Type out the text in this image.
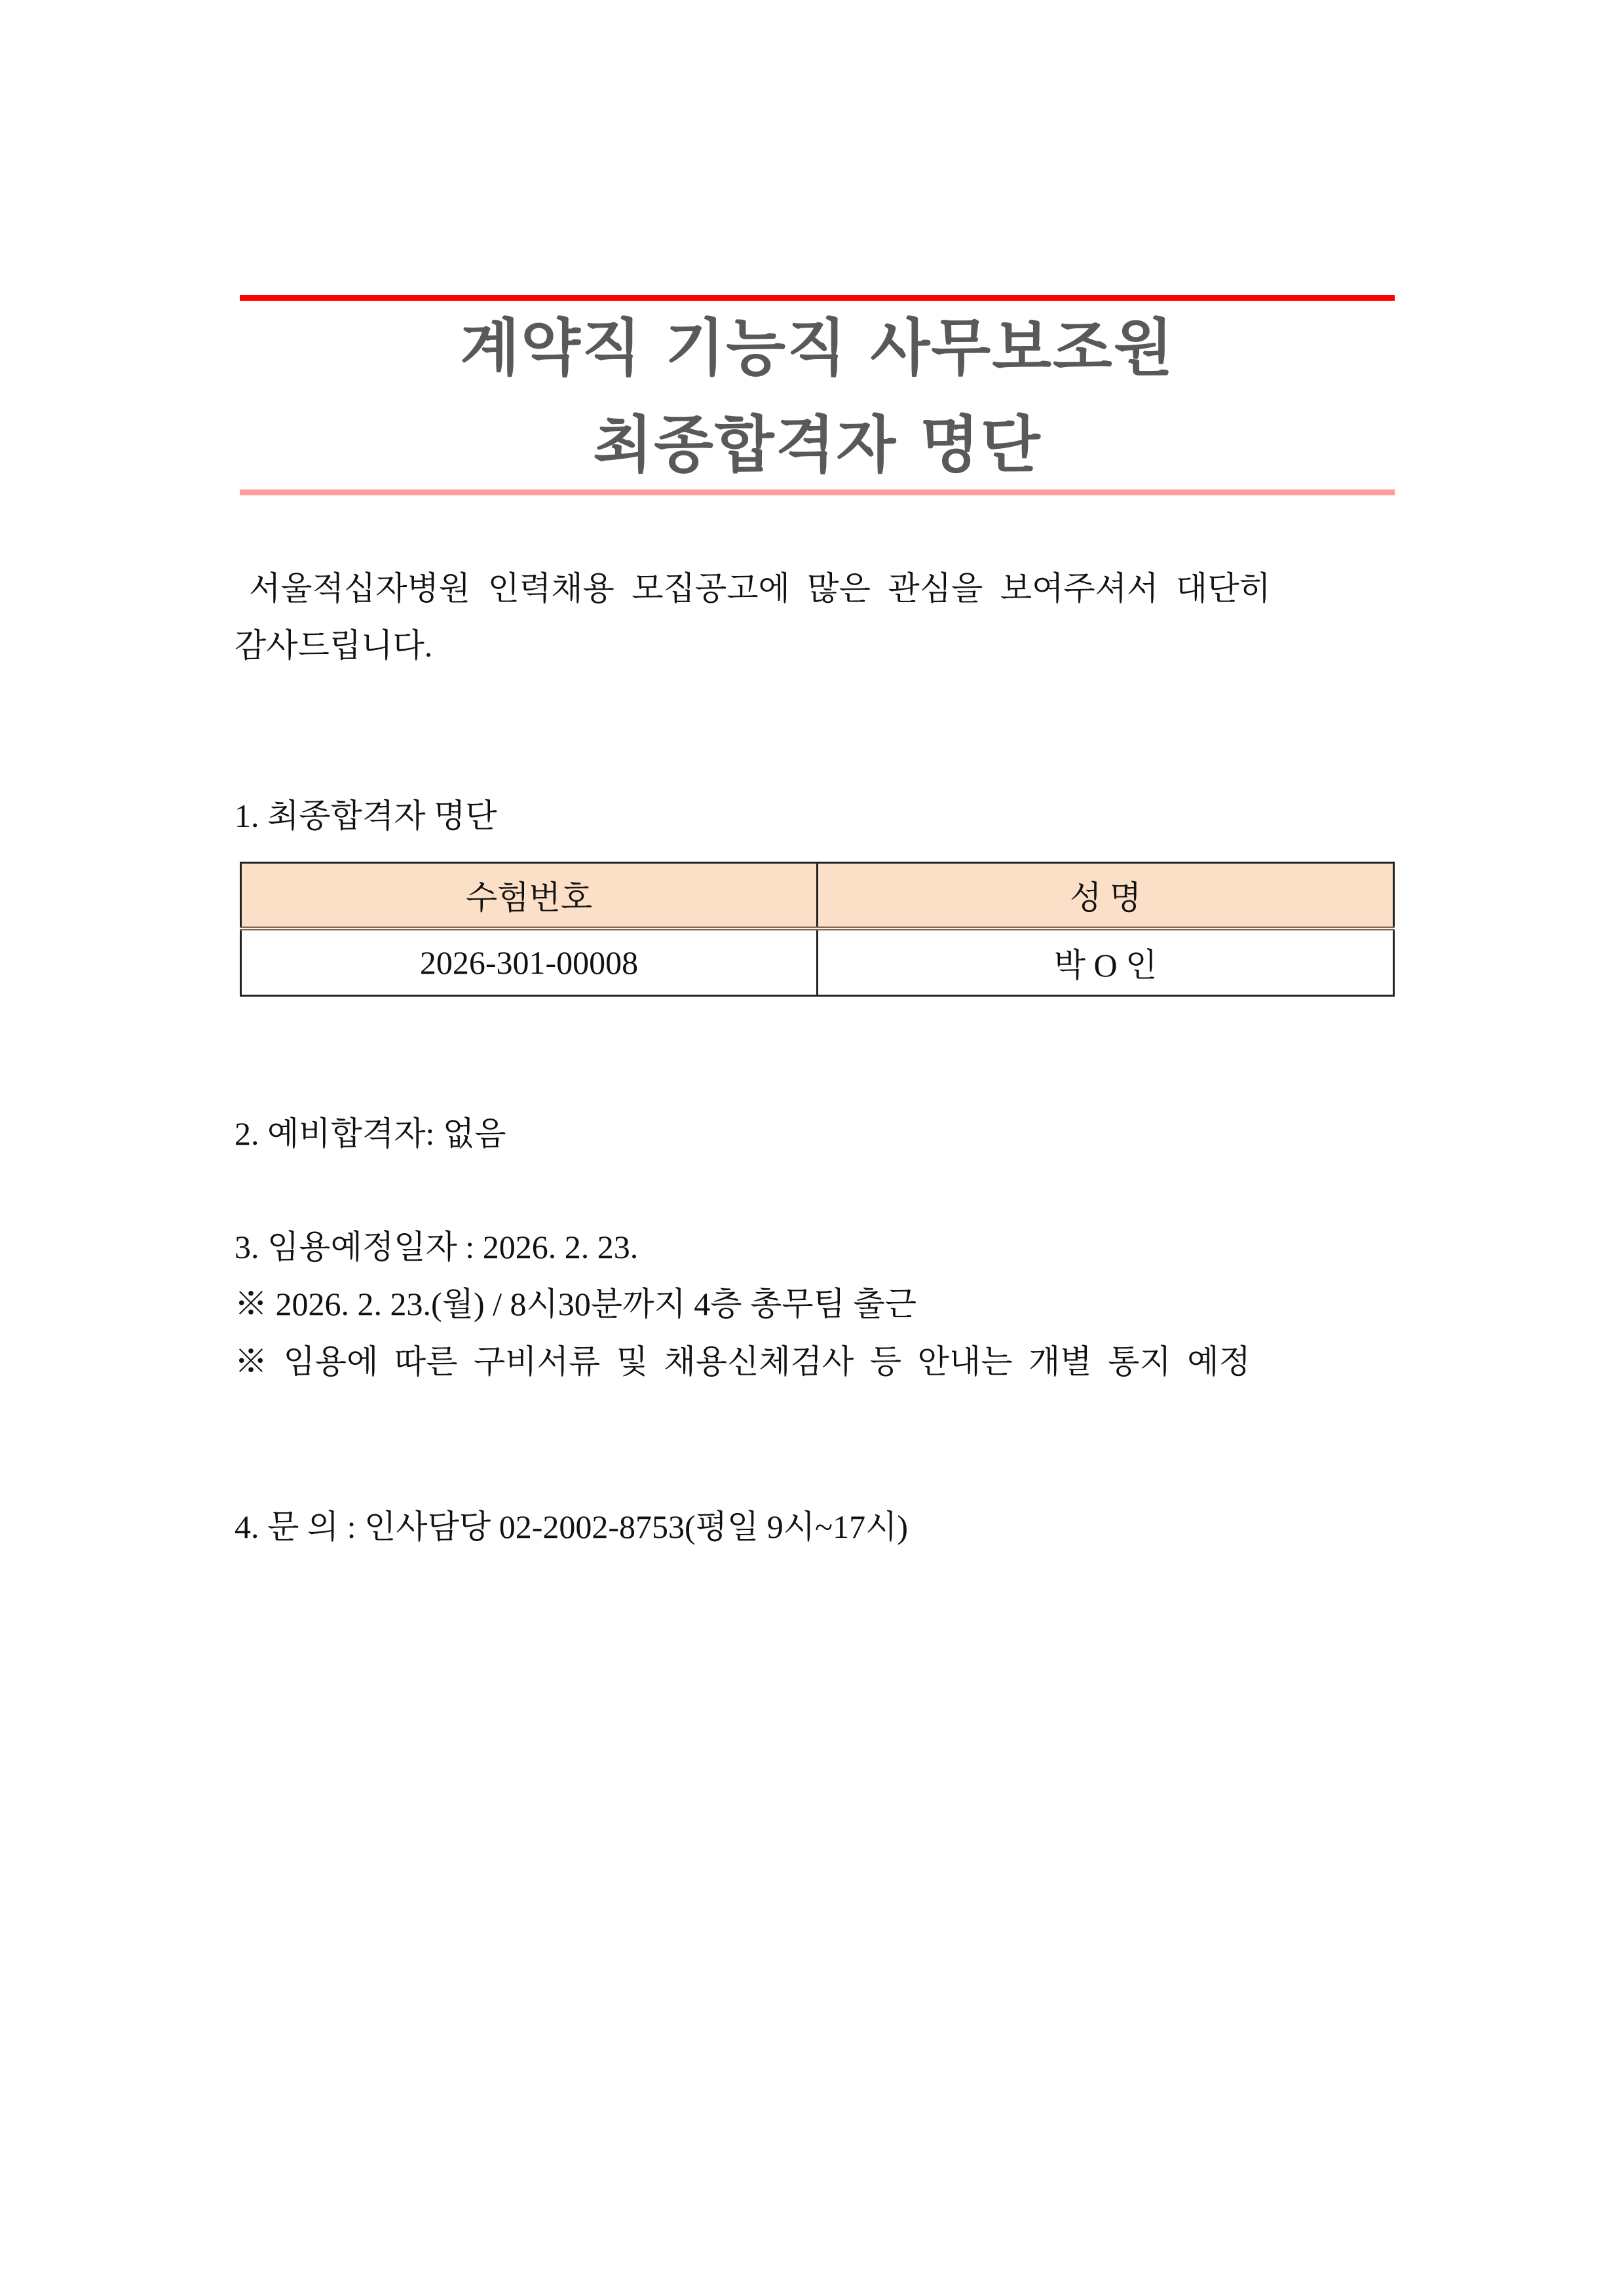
계약직 기능직 사무보조원
최종합격자 명단
서울적십자병원 인력채용 모집공고에 많은 관심을 보여주셔서 대단히
감사드립니다.
1. 최종합격자 명단
수험번호	성 명
2026-301-00008	박 O 인
2. 예비합격자: 없음
3. 임용예정일자 : 2026. 2. 23.
※ 2026. 2. 23.(월) / 8시30분까지 4층 총무팀 출근
※ 임용에 따른 구비서류 및 채용신체검사 등 안내는 개별 통지 예정
4. 문 의 : 인사담당 02-2002-8753(평일 9시~17시)
